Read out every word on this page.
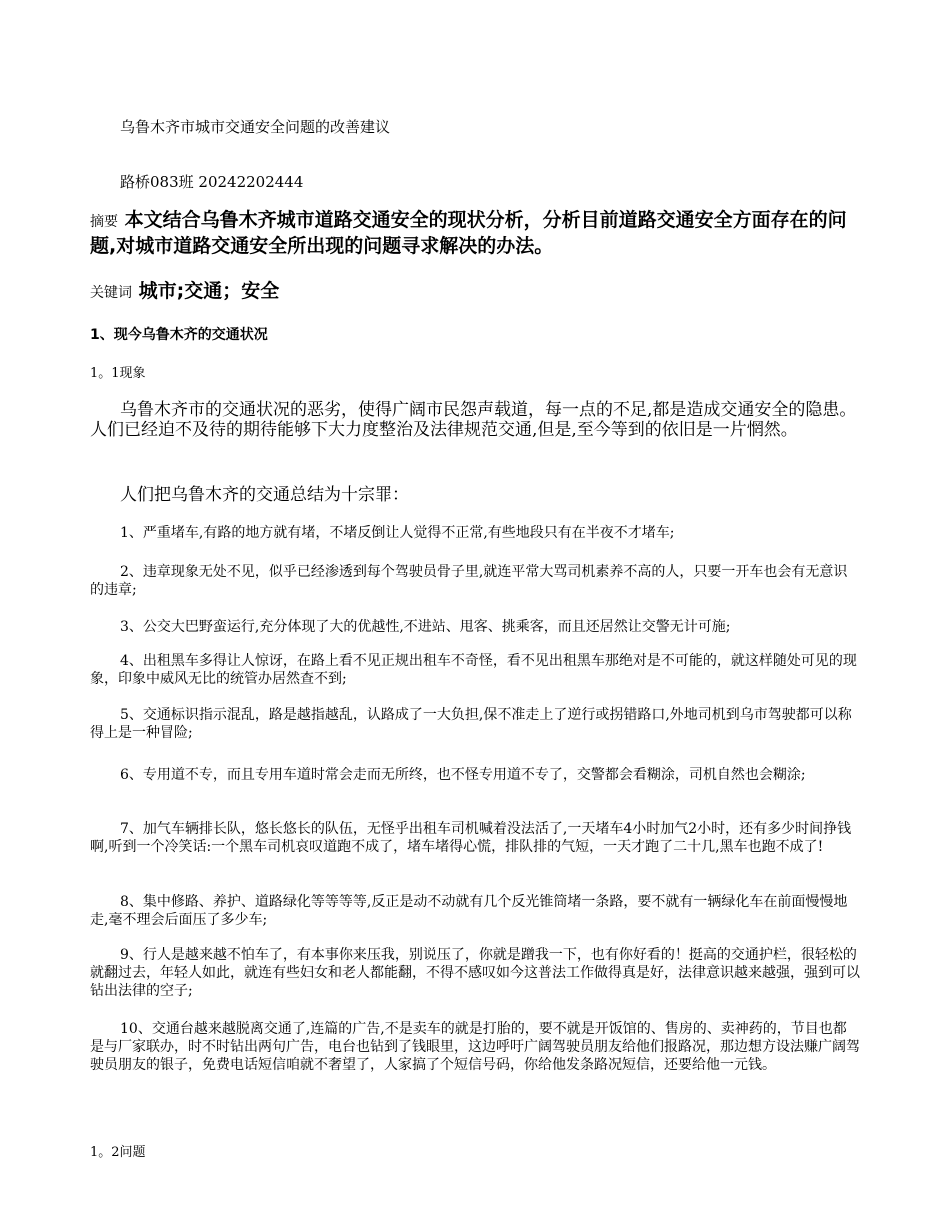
乌鲁木齐市城市交通安全问题的改善建议
路桥083班 20242202444
摘要 本文结合乌鲁木齐城市道路交通安全的现状分析，分析目前道路交通安全方面存在的问题,对城市道路交通安全所出现的问题寻求解决的办法。
关键词 城市;交通；安全
1、现今乌鲁木齐的交通状况
1。1现象
乌鲁木齐市的交通状况的恶劣，使得广阔市民怨声载道，每一点的不足,都是造成交通安全的隐患。人们已经迫不及待的期待能够下大力度整治及法律规范交通,但是,至今等到的依旧是一片惘然。
人们把乌鲁木齐的交通总结为十宗罪：
1、严重堵车,有路的地方就有堵，不堵反倒让人觉得不正常,有些地段只有在半夜不才堵车;
2、违章现象无处不见，似乎已经渗透到每个驾驶员骨子里,就连平常大骂司机素养不高的人，只要一开车也会有无意识的违章;
3、公交大巴野蛮运行,充分体现了大的优越性,不进站、甩客、挑乘客，而且还居然让交警无计可施;
4、出租黑车多得让人惊讶，在路上看不见正规出租车不奇怪，看不见出租黑车那绝对是不可能的，就这样随处可见的现象，印象中威风无比的统管办居然查不到;
5、交通标识指示混乱，路是越指越乱，认路成了一大负担,保不准走上了逆行或拐错路口,外地司机到乌市驾驶都可以称得上是一种冒险;
6、专用道不专，而且专用车道时常会走而无所终，也不怪专用道不专了，交警都会看糊涂，司机自然也会糊涂;
7、加气车辆排长队，悠长悠长的队伍，无怪乎出租车司机喊着没法活了,一天堵车4小时加气2小时，还有多少时间挣钱啊,听到一个冷笑话:一个黑车司机哀叹道跑不成了，堵车堵得心慌，排队排的气短，一天才跑了二十几,黑车也跑不成了!
8、集中修路、养护、道路绿化等等等等,反正是动不动就有几个反光锥筒堵一条路，要不就有一辆绿化车在前面慢慢地走,毫不理会后面压了多少车;
9、行人是越来越不怕车了，有本事你来压我，别说压了，你就是蹭我一下，也有你好看的！挺高的交通护栏，很轻松的就翻过去，年轻人如此，就连有些妇女和老人都能翻，不得不感叹如今这普法工作做得真是好，法律意识越来越强，强到可以钻出法律的空子;
10、交通台越来越脱离交通了,连篇的广告,不是卖车的就是打胎的，要不就是开饭馆的、售房的、卖神药的，节目也都是与厂家联办，时不时钻出两句广告，电台也钻到了钱眼里，这边呼吁广阔驾驶员朋友给他们报路况，那边想方设法赚广阔驾驶员朋友的银子，免费电话短信咱就不奢望了，人家搞了个短信号码，你给他发条路况短信，还要给他一元钱。
1。2问题
